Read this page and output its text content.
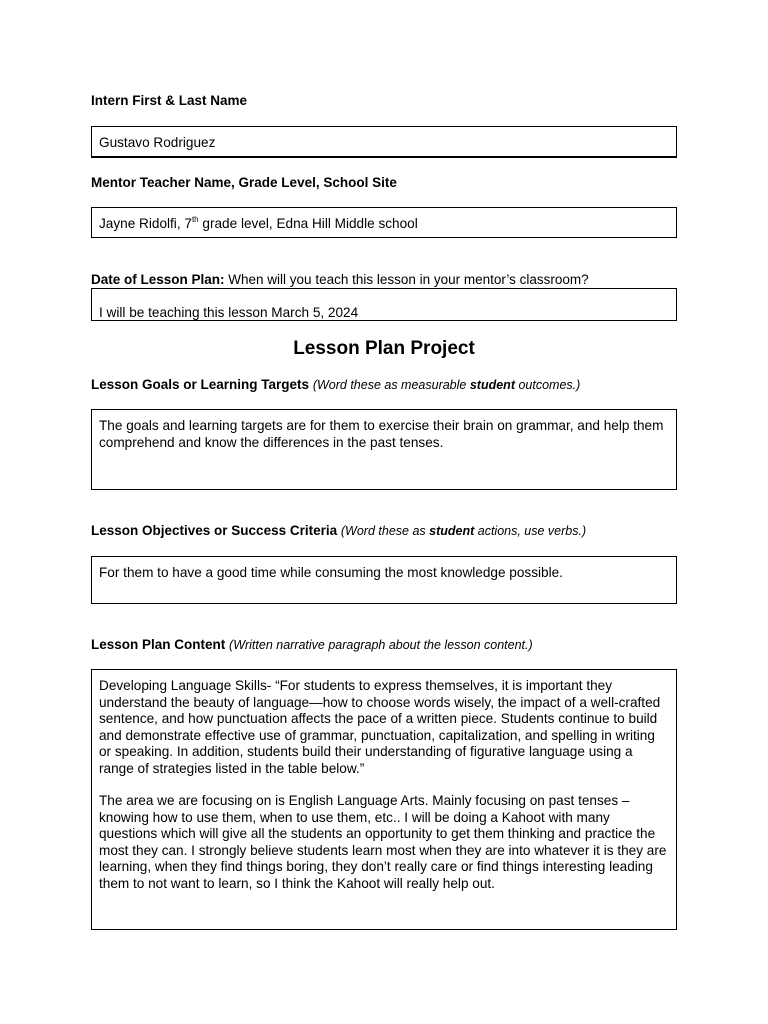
Intern First & Last Name
Gustavo Rodriguez
Mentor Teacher Name, Grade Level, School Site
Jayne Ridolfi, 7th grade level, Edna Hill Middle school
Date of Lesson Plan: When will you teach this lesson in your mentor’s classroom?
I will be teaching this lesson March 5, 2024
Lesson Plan Project
Lesson Goals or Learning Targets (Word these as measurable student outcomes.)
The goals and learning targets are for them to exercise their brain on grammar, and help them comprehend and know the differences in the past tenses.
Lesson Objectives or Success Criteria (Word these as student actions, use verbs.)
For them to have a good time while consuming the most knowledge possible.
Lesson Plan Content (Written narrative paragraph about the lesson content.)

Developing Language Skills- “For students to express themselves, it is important they understand the beauty of language—how to choose words wisely, the impact of a well-crafted sentence, and how punctuation affects the pace of a written piece. Students continue to build and demonstrate effective use of grammar, punctuation, capitalization, and spelling in writing or speaking. In addition, students build their understanding of figurative language using a range of strategies listed in the table below.”

The area we are focusing on is English Language Arts. Mainly focusing on past tenses – knowing how to use them, when to use them, etc.. I will be doing a Kahoot with many questions which will give all the students an opportunity to get them thinking and practice the most they can. I strongly believe students learn most when they are into whatever it is they are learning, when they find things boring, they don’t really care or find things interesting leading them to not want to learn, so I think the Kahoot will really help out.
